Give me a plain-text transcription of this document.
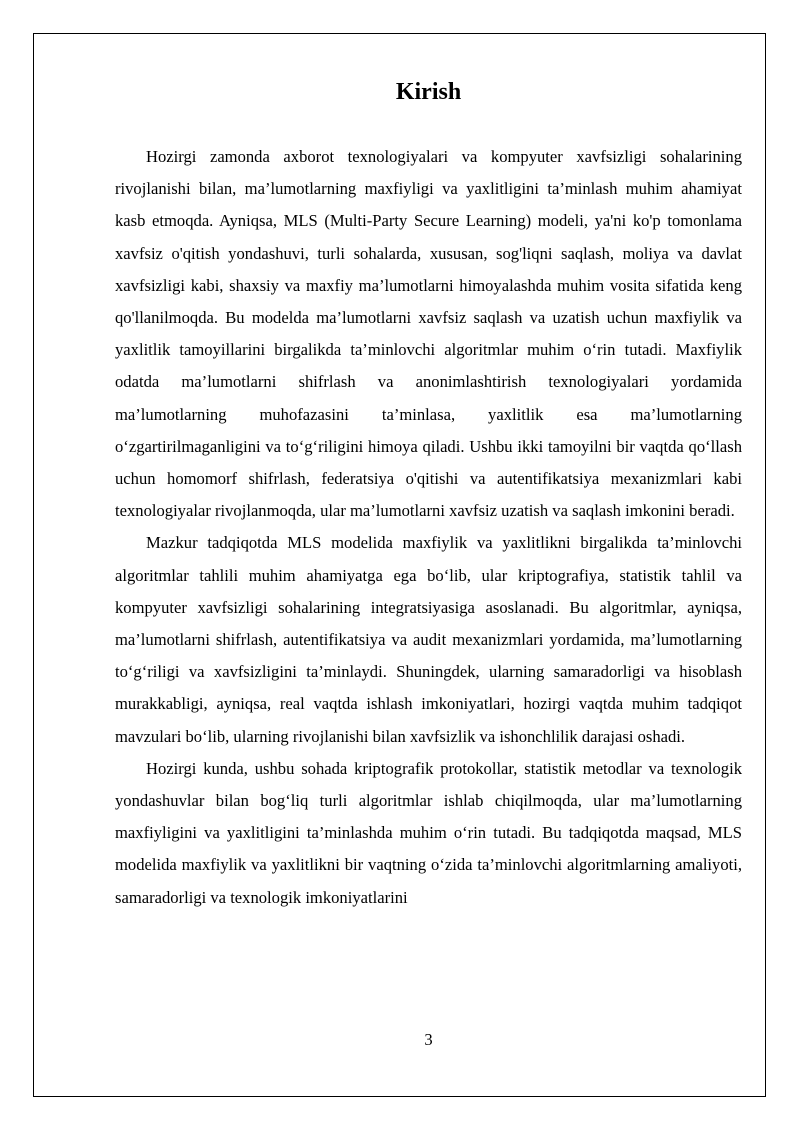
Kirish

Hozirgi zamonda axborot texnologiyalari va kompyuter xavfsizligi sohalarining rivojlanishi bilan, ma’lumotlarning maxfiyligi va yaxlitligini ta’minlash muhim ahamiyat kasb etmoqda. Ayniqsa, MLS (Multi-Party Secure Learning) modeli, ya'ni ko'p tomonlama xavfsiz o'qitish yondashuvi, turli sohalarda, xususan, sog'liqni saqlash, moliya va davlat xavfsizligi kabi, shaxsiy va maxfiy ma’lumotlarni himoyalashda muhim vosita sifatida keng qo'llanilmoqda. Bu modelda ma’lumotlarni xavfsiz saqlash va uzatish uchun maxfiylik va yaxlitlik tamoyillarini birgalikda ta’minlovchi algoritmlar muhim o‘rin tutadi. Maxfiylik odatda ma’lumotlarni shifrlash va anonimlashtirish texnologiyalari yordamida ma’lumotlarning muhofazasini ta’minlasa, yaxlitlik esa ma’lumotlarning o‘zgartirilmaganligini va to‘g‘riligini himoya qiladi. Ushbu ikki tamoyilni bir vaqtda qo‘llash uchun homomorf shifrlash, federatsiya o'qitishi va autentifikatsiya mexanizmlari kabi texnologiyalar rivojlanmoqda, ular ma’lumotlarni xavfsiz uzatish va saqlash imkonini beradi.

Mazkur tadqiqotda MLS modelida maxfiylik va yaxlitlikni birgalikda ta’minlovchi algoritmlar tahlili muhim ahamiyatga ega bo‘lib, ular kriptografiya, statistik tahlil va kompyuter xavfsizligi sohalarining integratsiyasiga asoslanadi. Bu algoritmlar, ayniqsa, ma’lumotlarni shifrlash, autentifikatsiya va audit mexanizmlari yordamida, ma’lumotlarning to‘g‘riligi va xavfsizligini ta’minlaydi. Shuningdek, ularning samaradorligi va hisoblash murakkabligi, ayniqsa, real vaqtda ishlash imkoniyatlari, hozirgi vaqtda muhim tadqiqot mavzulari bo‘lib, ularning rivojlanishi bilan xavfsizlik va ishonchlilik darajasi oshadi.

Hozirgi kunda, ushbu sohada kriptografik protokollar, statistik metodlar va texnologik yondashuvlar bilan bog‘liq turli algoritmlar ishlab chiqilmoqda, ular ma’lumotlarning maxfiyligini va yaxlitligini ta’minlashda muhim o‘rin tutadi. Bu tadqiqotda maqsad, MLS modelida maxfiylik va yaxlitlikni bir vaqtning o‘zida ta’minlovchi algoritmlarning amaliyoti, samaradorligi va texnologik imkoniyatlarini

3
